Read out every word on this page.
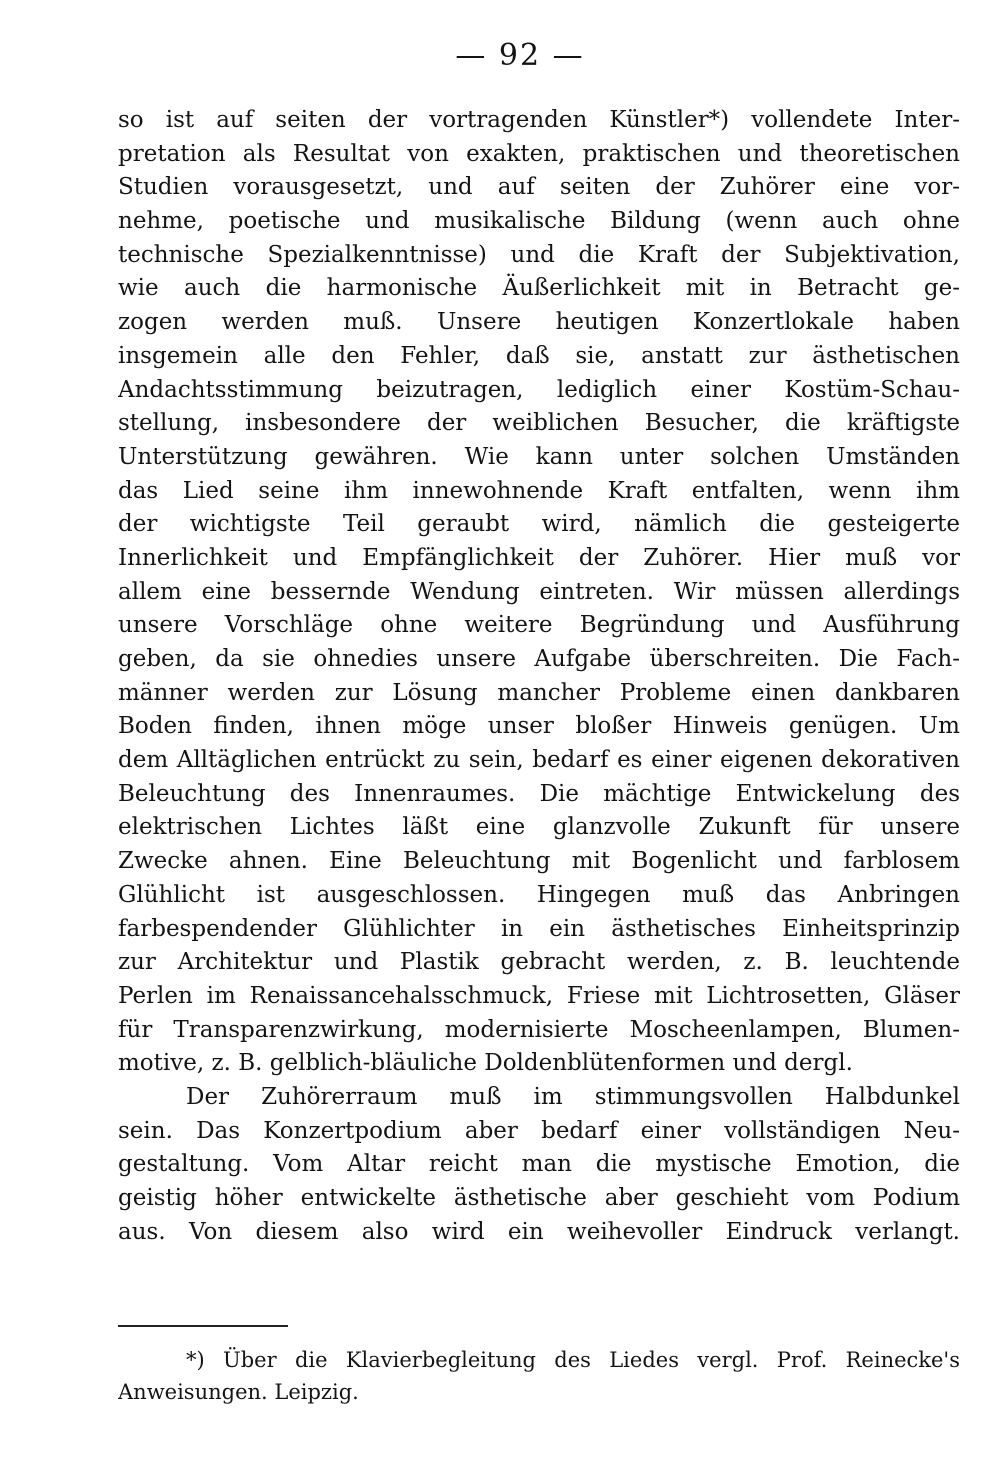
— 92 —
so ist auf seiten der vortragenden Künstler*) vollendete Inter-
pretation als Resultat von exakten, praktischen und theoretischen
Studien vorausgesetzt, und auf seiten der Zuhörer eine vor-
nehme, poetische und musikalische Bildung (wenn auch ohne
technische Spezialkenntnisse) und die Kraft der Subjektivation,
wie auch die harmonische Äußerlichkeit mit in Betracht ge-
zogen werden muß. Unsere heutigen Konzertlokale haben
insgemein alle den Fehler, daß sie, anstatt zur ästhetischen
Andachtsstimmung beizutragen, lediglich einer Kostüm-Schau-
stellung, insbesondere der weiblichen Besucher, die kräftigste
Unterstützung gewähren. Wie kann unter solchen Umständen
das Lied seine ihm innewohnende Kraft entfalten, wenn ihm
der wichtigste Teil geraubt wird, nämlich die gesteigerte
Innerlichkeit und Empfänglichkeit der Zuhörer. Hier muß vor
allem eine bessernde Wendung eintreten. Wir müssen allerdings
unsere Vorschläge ohne weitere Begründung und Ausführung
geben, da sie ohnedies unsere Aufgabe überschreiten. Die Fach-
männer werden zur Lösung mancher Probleme einen dankbaren
Boden finden, ihnen möge unser bloßer Hinweis genügen. Um
dem Alltäglichen entrückt zu sein, bedarf es einer eigenen dekorativen
Beleuchtung des Innenraumes. Die mächtige Entwickelung des
elektrischen Lichtes läßt eine glanzvolle Zukunft für unsere
Zwecke ahnen. Eine Beleuchtung mit Bogenlicht und farblosem
Glühlicht ist ausgeschlossen. Hingegen muß das Anbringen
farbespendender Glühlichter in ein ästhetisches Einheitsprinzip
zur Architektur und Plastik gebracht werden, z. B. leuchtende
Perlen im Renaissancehalsschmuck, Friese mit Lichtrosetten, Gläser
für Transparenzwirkung, modernisierte Moscheenlampen, Blumen-
motive, z. B. gelblich-bläuliche Doldenblütenformen und dergl.
Der Zuhörerraum muß im stimmungsvollen Halbdunkel
sein. Das Konzertpodium aber bedarf einer vollständigen Neu-
gestaltung. Vom Altar reicht man die mystische Emotion, die
geistig höher entwickelte ästhetische aber geschieht vom Podium
aus. Von diesem also wird ein weihevoller Eindruck verlangt.
*) Über die Klavierbegleitung des Liedes vergl. Prof. Reinecke's
Anweisungen. Leipzig.
